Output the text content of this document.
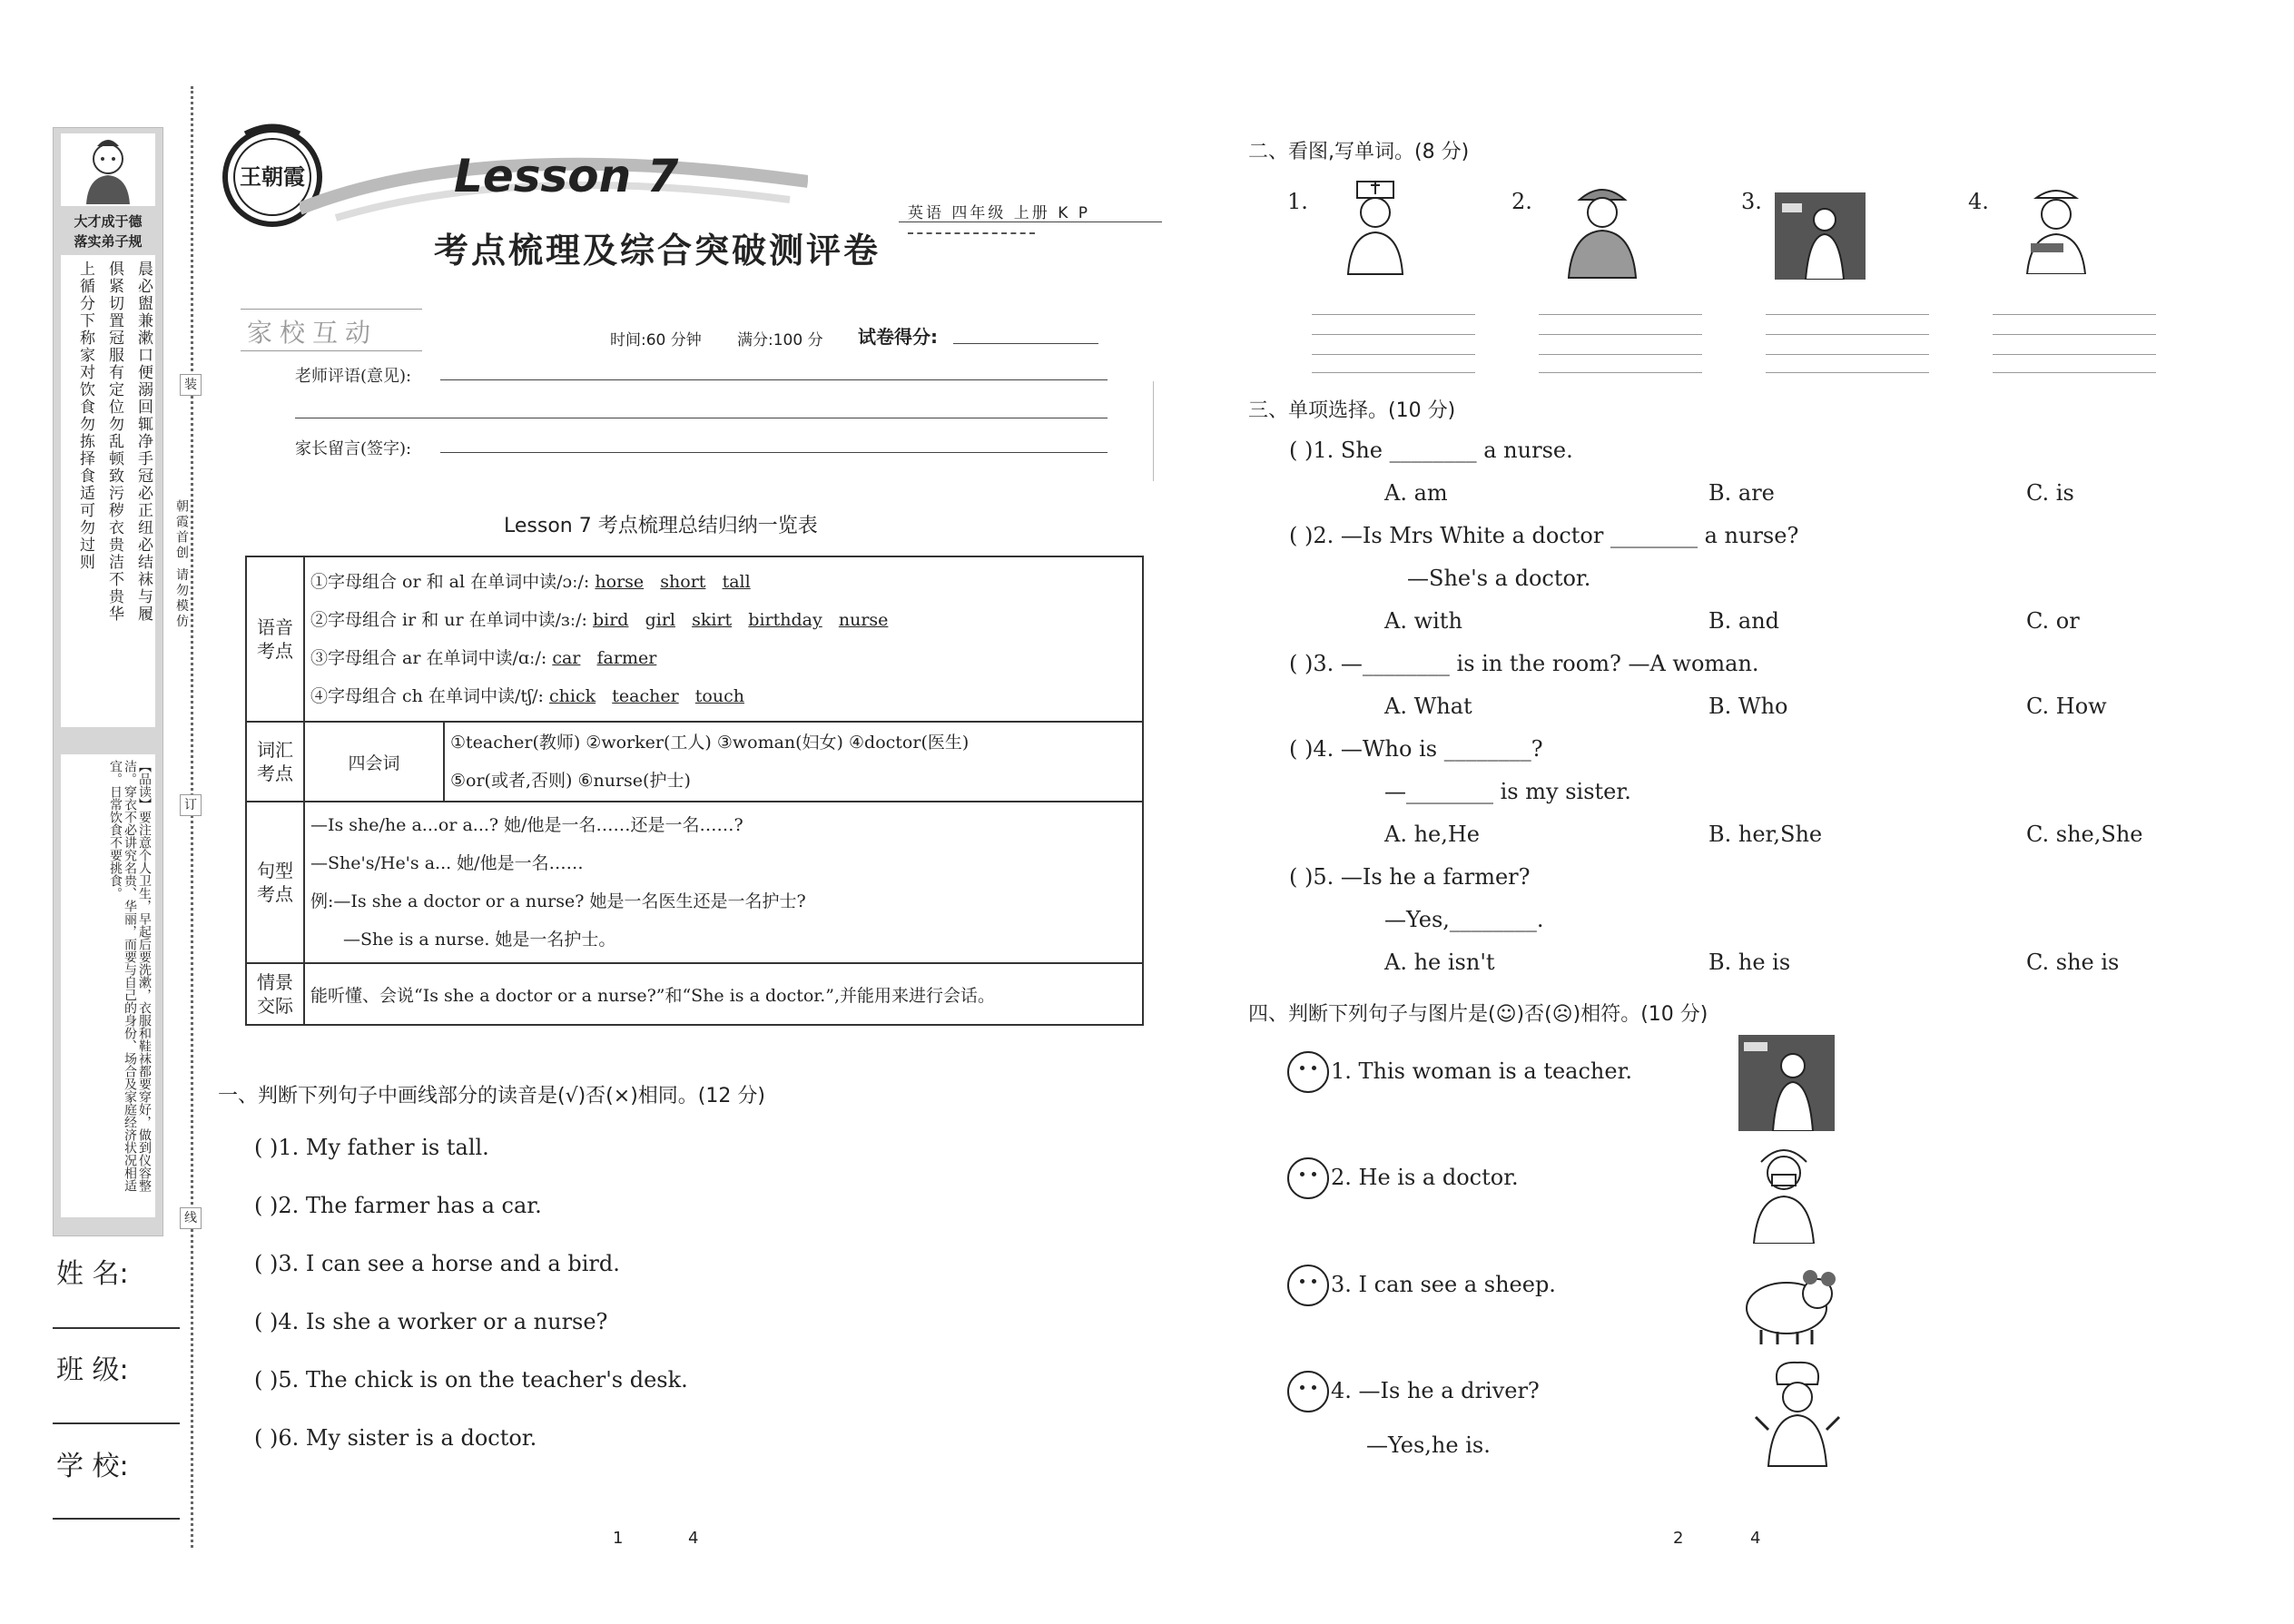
大才成于德
落实弟子规
晨必盥兼漱口便溺回辄净手冠必正纽必结袜与履
俱紧切置冠服有定位勿乱顿致污秽衣贵洁不贵华
上循分下称家对饮食勿拣择食适可勿过则
【品读】要注意个人卫生，早起后要洗漱，衣服和鞋袜都要穿好，做到仪容整洁。穿衣不必讲究名贵、华丽，而要与自己的身份、场合及家庭经济状况相适宜。日常饮食不要挑食。
姓 名:
班 级:
学 校:
装
订
线
朝霞首创 请勿模仿
王朝霞	Lesson 7
考点梳理及综合突破测评卷
英语 四年级 上册 K P
家校互动	时间:60 分钟 满分:100 分 试卷得分:
老师评语(意见):
家长留言(签字):
Lesson 7 考点梳理总结归纳一览表
语音考点	①字母组合 or 和 al 在单词中读/ɔː/: horse short tall
②字母组合 ir 和 ur 在单词中读/ɜː/: bird girl skirt birthday nurse
③字母组合 ar 在单词中读/ɑː/: car farmer
④字母组合 ch 在单词中读/tʃ/: chick teacher touch	

词汇考点	四会词	①teacher(教师) ②worker(工人) ③woman(妇女) ④doctor(医生)
⑤or(或者,否则) ⑥nurse(护士)

句型考点	—Is she/he a...or a...? 她/他是一名……还是一名……?
—She's/He's a... 她/他是一名……
例:—Is she a doctor or a nurse? 她是一名医生还是一名护士?
—She is a nurse. 她是一名护士。	

情景交际	能听懂、会说“Is she a doctor or a nurse?”和“She is a doctor.”,并能用来进行会话。	
一、判断下列句子中画线部分的读音是(√)否(×)相同。(12 分)
( )1. My father is tall.
( )2. The farmer has a car.
( )3. I can see a horse and a bird.
( )4. Is she a worker or a nurse?
( )5. The chick is on the teacher's desk.
( )6. My sister is a doctor.
1	4
二、看图,写单词。(8 分)
1.	2.	3.	4.
三、单项选择。(10 分)
( )1. She ________ a nurse.
A. am	B. are	C. is
( )2. —Is Mrs White a doctor ________ a nurse?
—She's a doctor.
A. with	B. and	C. or
( )3. —________ is in the room? —A woman.
A. What	B. Who	C. How
( )4. —Who is ________?
—________ is my sister.
A. he,He	B. her,She	C. she,She
( )5. —Is he a farmer?
—Yes,________.
A. he isn't	B. he is	C. she is
四、判断下列句子与图片是(☺)否(☹)相符。(10 分)
1. This woman is a teacher.
2. He is a doctor.
3. I can see a sheep.
4. —Is he a driver?
—Yes,he is.
2	4
